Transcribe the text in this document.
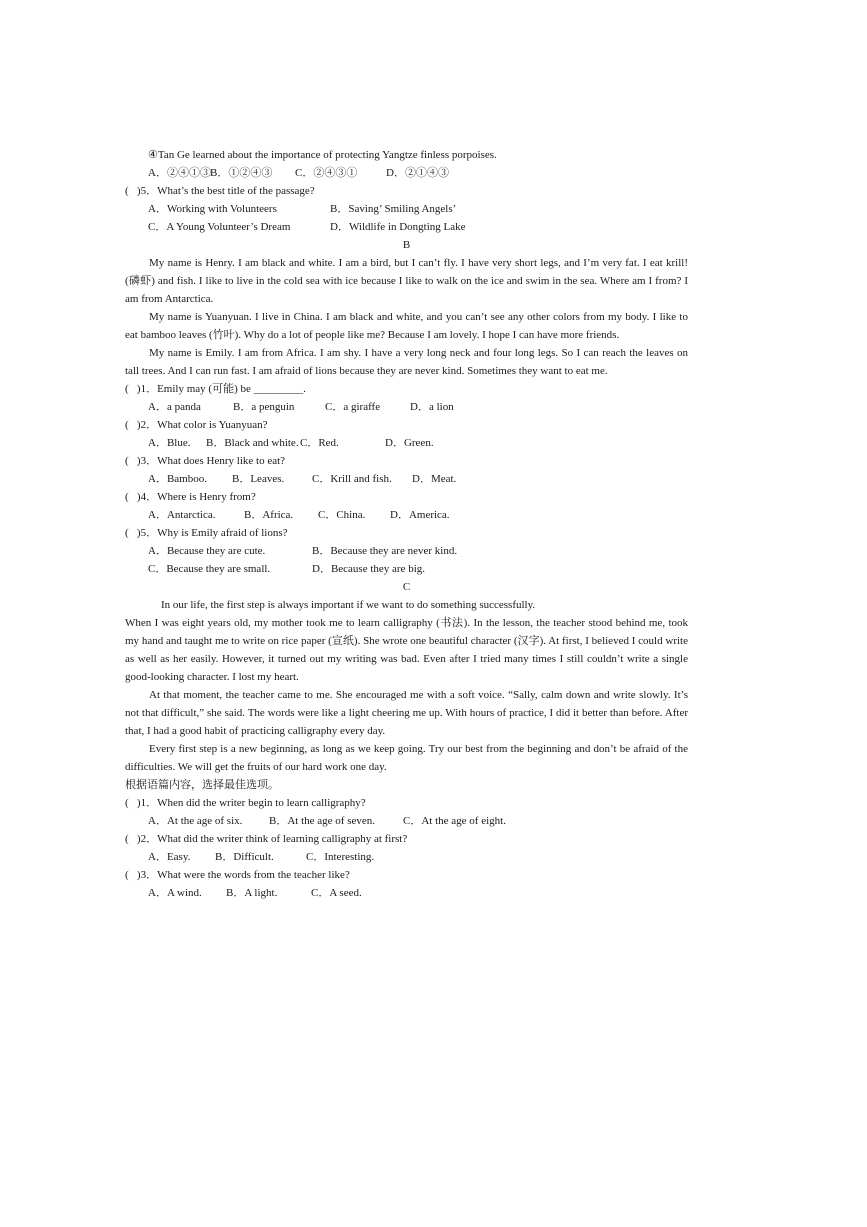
④Tan Ge learned about the importance of protecting Yangtze finless porpoises.
A．②④①③B．①②④③ C．②④③①	D．②①④③
(   )5．What’s the best title of the passage?
A．Working with Volunteers	B．Saving’ Smiling Angels’
C．A Young Volunteer’s Dream	D．Wildlife in Dongting Lake
B
My name is Henry. I am black and white. I am a bird, but I can’t fly. I have very short legs, and I’m very fat. I eat krill! (磷虾) and fish. I like to live in the cold sea with ice because I like to walk on the ice and swim in the sea. Where am I from? I am from Antarctica.
My name is Yuanyuan. I live in China. I am black and white, and you can’t see any other colors from my body. I like to eat bamboo leaves (竹叶). Why do a lot of people like me? Because I am lovely. I hope I can have more friends.
My name is Emily. I am from Africa. I am shy. I have a very long neck and four long legs. So I can reach the leaves on tall trees. And I can run fast. I am afraid of lions because they are never kind. Sometimes they want to eat me.
(   )1．Emily may (可能) be _________.
A．a panda	B．a penguin	C．a giraffe	D．a lion
(   )2．What color is Yuanyuan?
A．Blue. B．Black and white.C．Red.	D．Green.
(   )3．What does Henry like to eat?
A．Bamboo. B．Leaves.	C．Krill and fish. D．Meat.
(   )4．Where is Henry from?
A．Antarctica.	B．Africa. C．China. D．America.
(   )5．Why is Emily afraid of lions?
A．Because they are cute.	B．Because they are never kind.
C．Because they are small.	D．Because they are big.
C
In our life, the first step is always important if we want to do something successfully.
When I was eight years old, my mother took me to learn calligraphy (书法). In the lesson, the teacher stood behind me, took my hand and taught me to write on rice paper (宣纸). She wrote one beautiful character (汉字). At first, I believed I could write as well as her easily. However, it turned out my writing was bad. Even after I tried many times I still couldn’t write a single good-looking character. I lost my heart.
At that moment, the teacher came to me. She encouraged me with a soft voice. “Sally, calm down and write slowly. It’s not that difficult,” she said. The words were like a light cheering me up. With hours of practice, I did it better than before. After that, I had a good habit of practicing calligraphy every day.
Every first step is a new beginning, as long as we keep going. Try our best from the beginning and don’t be afraid of the difficulties. We will get the fruits of our hard work one day.
根据语篇内容，选择最佳选项。
(   )1．When did the writer begin to learn calligraphy?
A．At the age of six. B．At the age of seven.	C．At the age of eight.
(   )2．What did the writer think of learning calligraphy at first?
A．Easy. B．Difficult.	C．Interesting.
(   )3．What were the words from the teacher like?
A．A wind. B．A light.	C．A seed.
